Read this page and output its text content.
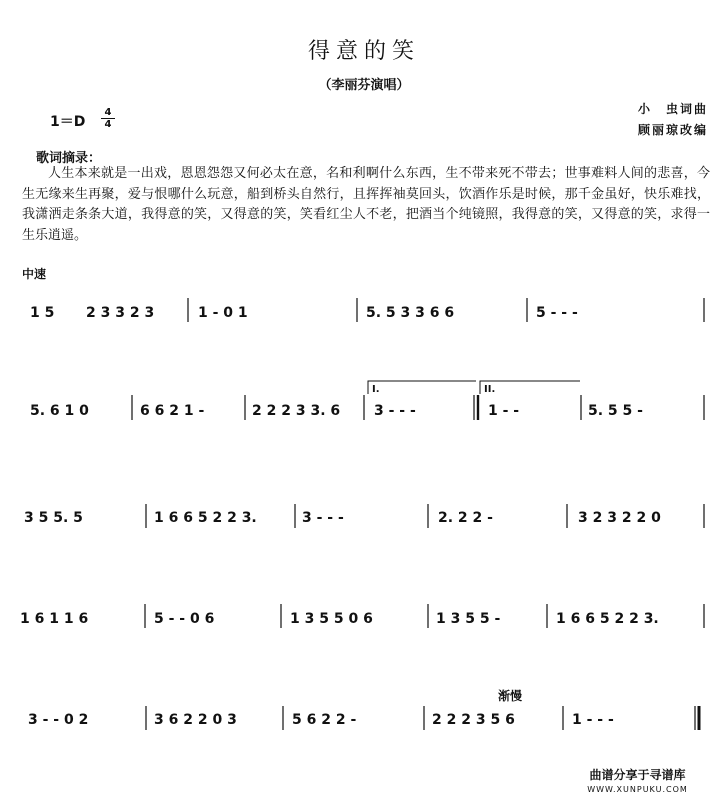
得意的笑
（李丽芬演唱）
1＝D
4
4
小　虫词曲
顾丽琼改编
歌词摘录：

人生本来就是一出戏，恩恩怨怨又何必太在意，名和利啊什么东西，生不带来死不带去；世事难料人间的悲喜，今生无缘来生再聚，爱与恨哪什么玩意，船到桥头自然行，且挥挥袖莫回头，饮酒作乐是时候，那千金虽好，快乐难找，我潇洒走条条大道，我得意的笑，又得意的笑，笑看红尘人不老，把酒当个纯镜照，我得意的笑，又得意的笑，求得一生乐逍遥。

中速
I.	II.
渐慢
1 5 2 3 3 2 3	1 - 0 1	5. 5 3 3 6 6	5 - - -
5. 6 1 0	6 6 2 1 -	2 2 2 3 3. 6 3 - - -	1 - -	5. 5 5 -
3 5 5. 5	1 6 6 5 2 2 3.	3 - - -	2. 2 2 -	3 2 3 2 2 0
1 6 1 1 6	5 - - 0 6	1 3 5 5 0 6	1 3 5 5 -	1 6 6 5 2 2 3.
3 - - 0 2	3 6 2 2 0 3	5 6 2 2 -	2 2 2 3 5 6	1 - - -
曲谱分享于寻谱库
WWW.XUNPUKU.COM
